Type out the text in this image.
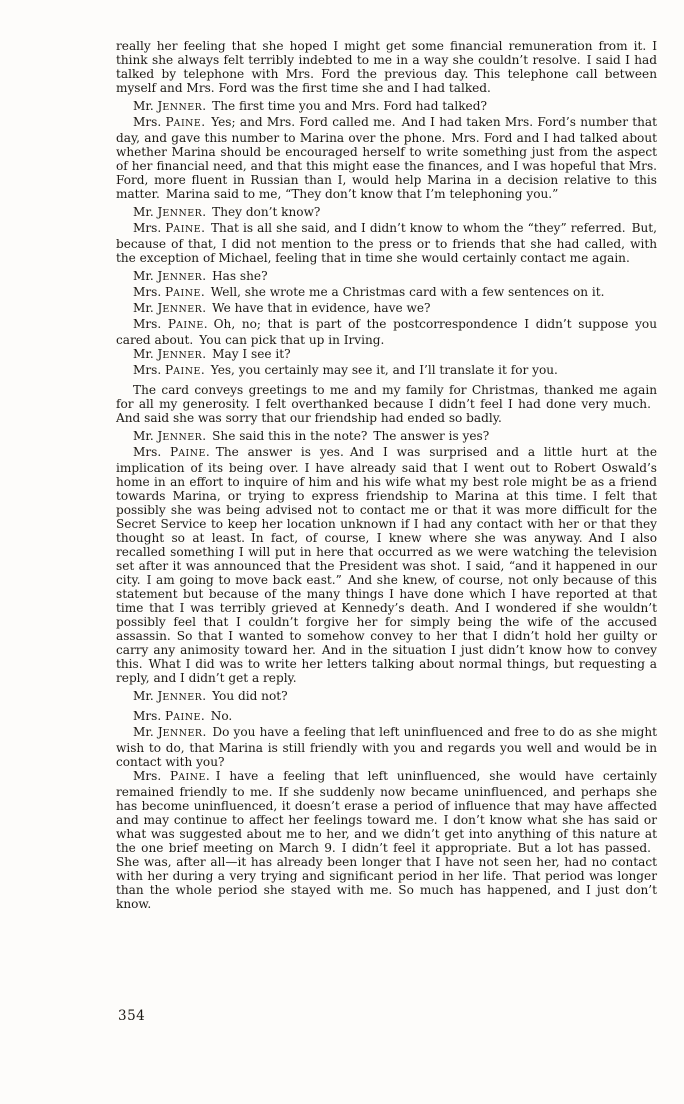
really her feeling that she hoped I might get some financial remuneration from it. I think she always felt terribly indebted to me in a way she couldn’t resolve. I said I had talked by telephone with Mrs. Ford the previous day. This telephone call between myself and Mrs. Ford was the first time she and I had talked.

Mr. JENNER.  The first time you and Mrs. Ford had talked?

Mrs. PAINE.  Yes; and Mrs. Ford called me. And I had taken Mrs. Ford’s number that day, and gave this number to Marina over the phone. Mrs. Ford and I had talked about whether Marina should be encouraged herself to write something just from the aspect of her financial need, and that this might ease the finances, and I was hopeful that Mrs. Ford, more fluent in Russian than I, would help Marina in a decision relative to this matter. Marina said to me, “They don’t know that I’m telephoning you.”

Mr. JENNER.  They don’t know?

Mrs. PAINE.  That is all she said, and I didn’t know to whom the “they” referred. But, because of that, I did not mention to the press or to friends that she had called, with the exception of Michael, feeling that in time she would certainly contact me again.

Mr. JENNER.  Has she?

Mrs. PAINE.  Well, she wrote me a Christmas card with a few sentences on it.

Mr. JENNER.  We have that in evidence, have we?

Mrs. PAINE.  Oh, no; that is part of the postcorrespondence I didn’t suppose you cared about. You can pick that up in Irving.

Mr. JENNER.  May I see it?

Mrs. PAINE.  Yes, you certainly may see it, and I’ll translate it for you.

The card conveys greetings to me and my family for Christmas, thanked me again for all my generosity. I felt overthanked because I didn’t feel I had done very much. And said she was sorry that our friendship had ended so badly.

Mr. JENNER.  She said this in the note? The answer is yes?

Mrs. PAINE.  The answer is yes. And I was surprised and a little hurt at the implication of its being over. I have already said that I went out to Robert Oswald’s home in an effort to inquire of him and his wife what my best role might be as a friend towards Marina, or trying to express friendship to Marina at this time. I felt that possibly she was being advised not to contact me or that it was more difficult for the Secret Service to keep her location unknown if I had any contact with her or that they thought so at least. In fact, of course, I knew where she was anyway. And I also recalled something I will put in here that occurred as we were watching the television set after it was announced that the President was shot. I said, “and it happened in our city. I am going to move back east.” And she knew, of course, not only because of this statement but because of the many things I have done which I have reported at that time that I was terribly grieved at Kennedy’s death. And I wondered if she wouldn’t possibly feel that I couldn’t forgive her for simply being the wife of the accused assassin. So that I wanted to somehow convey to her that I didn’t hold her guilty or carry any animosity toward her. And in the situation I just didn’t know how to convey this. What I did was to write her letters talking about normal things, but requesting a reply, and I didn’t get a reply.

Mr. JENNER.  You did not?

Mrs. PAINE.  No.

Mr. JENNER.  Do you have a feeling that left uninfluenced and free to do as she might wish to do, that Marina is still friendly with you and regards you well and would be in contact with you?

Mrs. PAINE.  I have a feeling that left uninfluenced, she would have certainly remained friendly to me. If she suddenly now became uninfluenced, and perhaps she has become uninfluenced, it doesn’t erase a period of influence that may have affected and may continue to affect her feelings toward me. I don’t know what she has said or what was suggested about me to her, and we didn’t get into anything of this nature at the one brief meeting on March 9. I didn’t feel it appropriate. But a lot has passed. She was, after all—it has already been longer that I have not seen her, had no contact with her during a very trying and significant period in her life. That period was longer than the whole period she stayed with me. So much has happened, and I just don’t know.

354
